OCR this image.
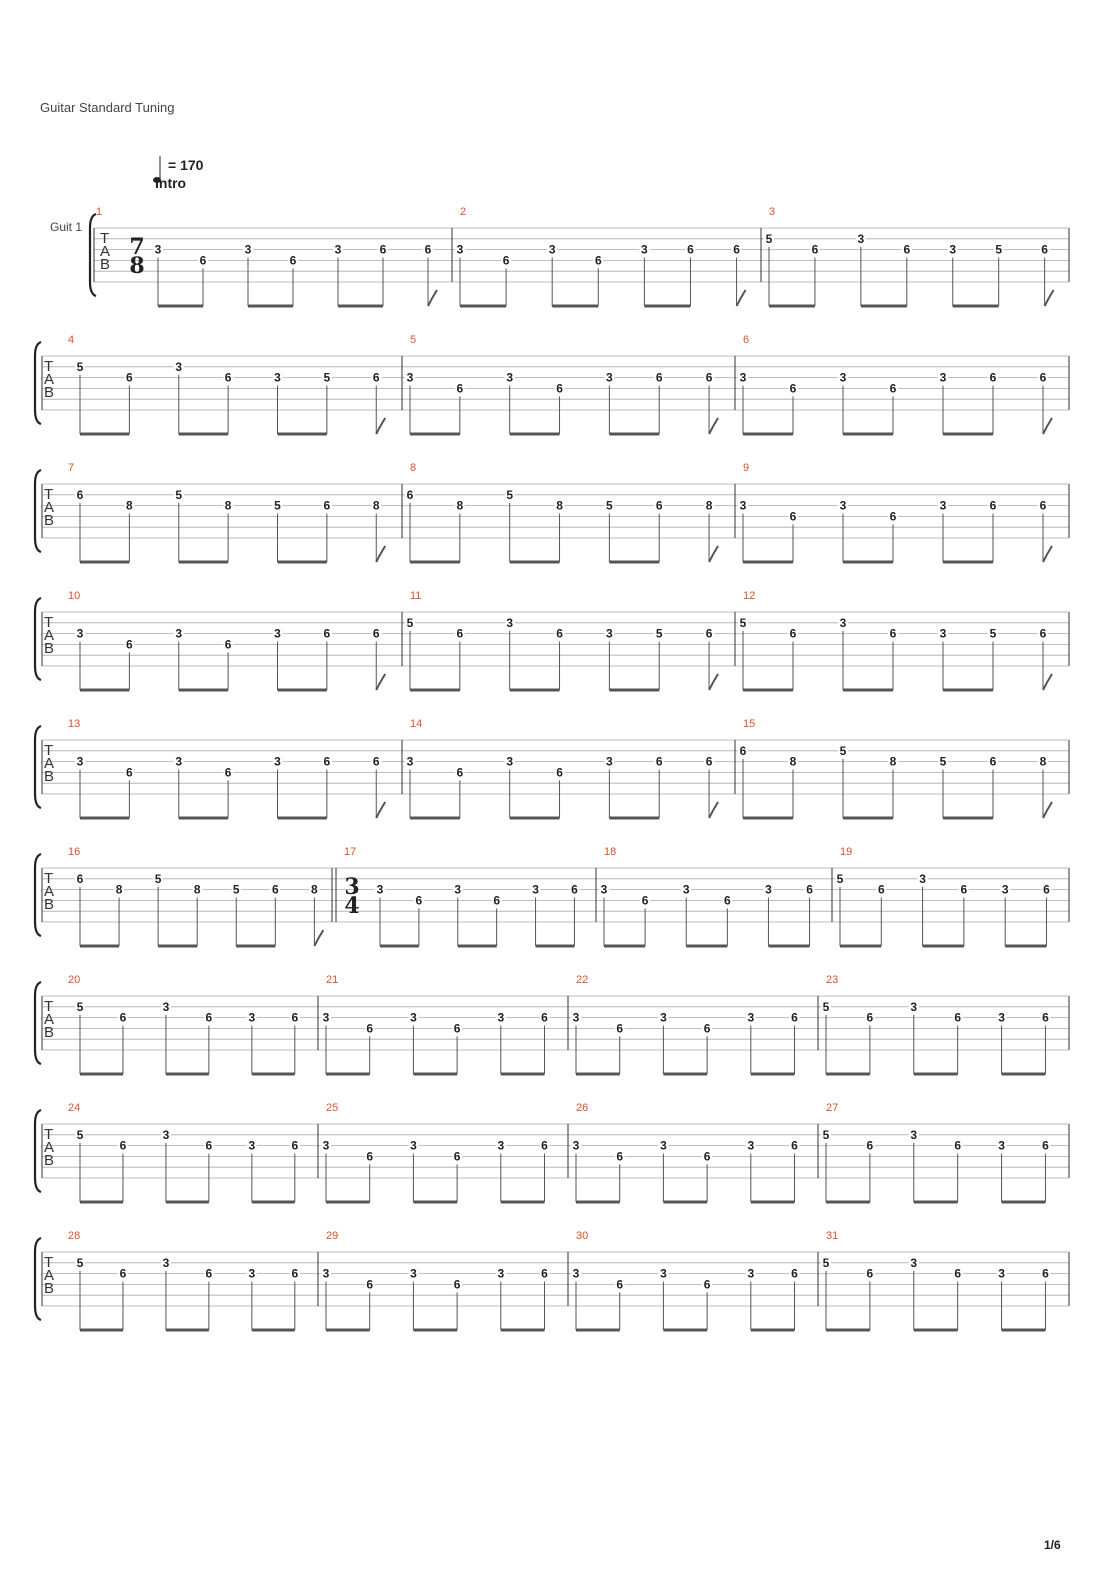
Guitar Standard Tuning
= 170
Intro
Guit 1
T
A
B
1
7
8
3
6
3
6
3	6	6
2
3
6
3
6
3	6	6
3
5
6
3
6	3	5	6
T
A
B
4
5
6
3
6	3	5	6
5
3
6
3
6
3	6	6
6
3
6
3
6
3	6	6
T
A
B
7
6
8
5
8	5	6	8
8
6
8
5
8	5	6	8
9
3
6
3
6
3	6	6
T
A
B
10
3
6
3
6
3	6	6
11
5
6
3
6	3	5	6
12
5
6
3
6	3	5	6
T
A
B
13
3
6
3
6
3	6	6
14
3
6
3
6
3	6	6
15
6
8
5
8	5	6	8
T
A
B
16
6
8
5
8	5	6	8
17
3
4
3
6
3
6
3	6
18
3
6
3
6
3	6
19
5
6
3
6	3	6
T
A
B
20
5
6
3
6	3	6
21
3
6
3
6
3	6
22
3
6
3
6
3	6
23
5
6
3
6	3	6
T
A
B
24
5
6
3
6	3	6
25
3
6
3
6
3	6
26
3
6
3
6
3	6
27
5
6
3
6	3	6
T
A
B
28
5
6
3
6	3	6
29
3
6
3
6
3	6
30
3
6
3
6
3	6
31
5
6
3
6	3	6
1/6
